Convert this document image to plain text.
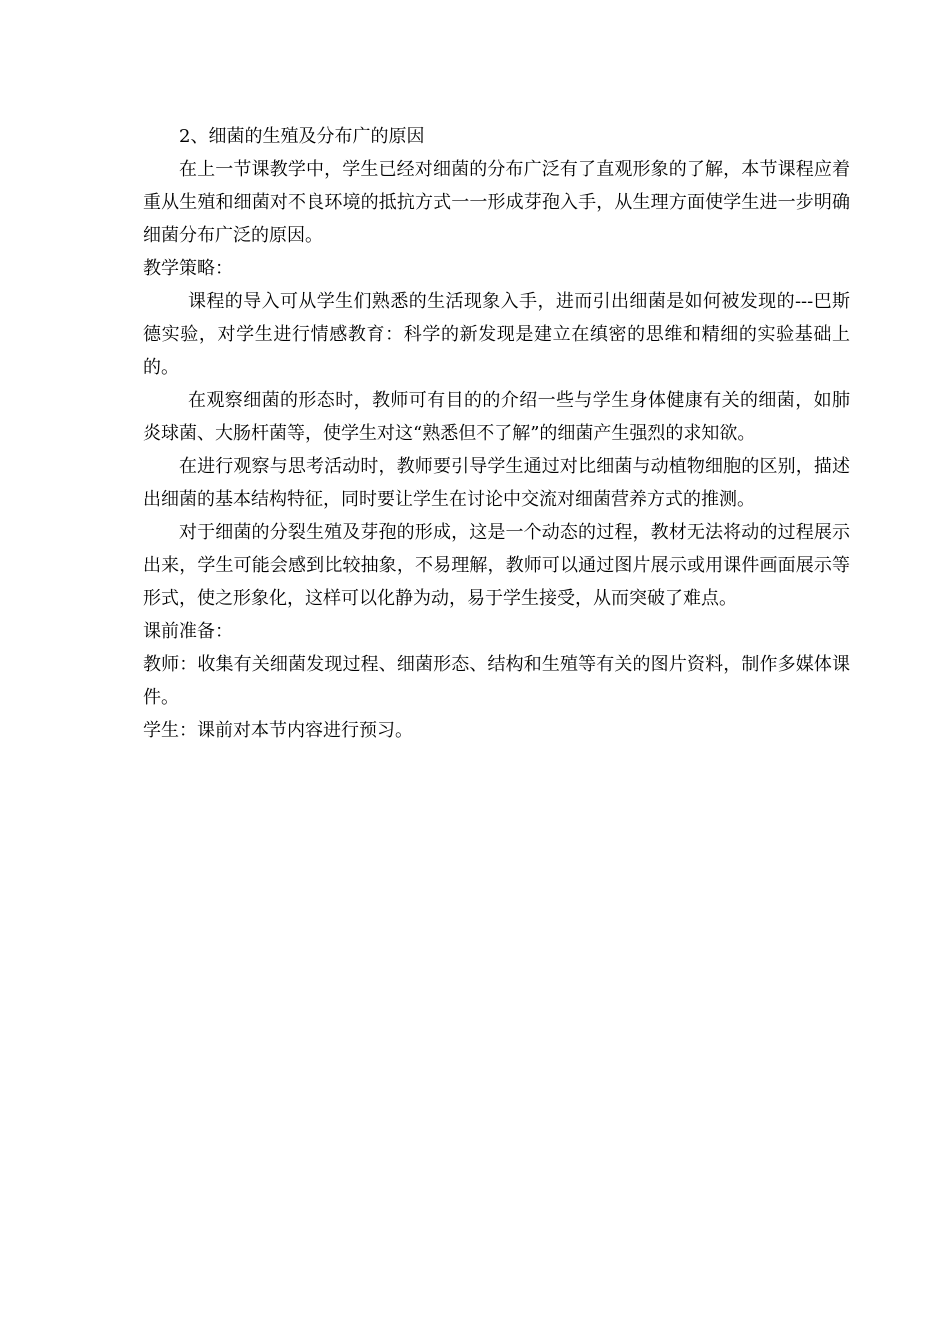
2、细菌的生殖及分布广的原因

在上一节课教学中，学生已经对细菌的分布广泛有了直观形象的了解，本节课程应着重从生殖和细菌对不良环境的抵抗方式一一形成芽孢入手，从生理方面使学生进一步明确细菌分布广泛的原因。

教学策略：

课程的导入可从学生们熟悉的生活现象入手，进而引出细菌是如何被发现的---巴斯德实验，对学生进行情感教育：科学的新发现是建立在缜密的思维和精细的实验基础上的。

在观察细菌的形态时，教师可有目的的介绍一些与学生身体健康有关的细菌，如肺炎球菌、大肠杆菌等，使学生对这“熟悉但不了解”的细菌产生强烈的求知欲。

在进行观察与思考活动时，教师要引导学生通过对比细菌与动植物细胞的区别，描述出细菌的基本结构特征，同时要让学生在讨论中交流对细菌营养方式的推测。

对于细菌的分裂生殖及芽孢的形成，这是一个动态的过程，教材无法将动的过程展示出来，学生可能会感到比较抽象，不易理解，教师可以通过图片展示或用课件画面展示等形式，使之形象化，这样可以化静为动，易于学生接受，从而突破了难点。

课前准备：

教师：收集有关细菌发现过程、细菌形态、结构和生殖等有关的图片资料，制作多媒体课件。

学生：课前对本节内容进行预习。
